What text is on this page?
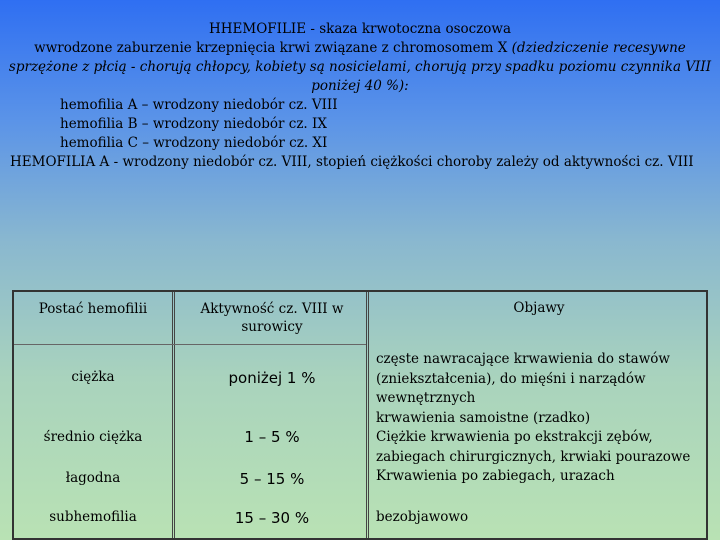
HHEMOFILIE - skaza krwotoczna osoczowa
wwrodzone zaburzenie krzepnięcia krwi związane z chromosomem X (dziedziczenie recesywne
sprzężone z płcią - chorują chłopcy, kobiety są nosicielami, chorują przy spadku poziomu czynnika VIII
poniżej 40 %):
hemofilia A – wrodzony niedobór cz. VIII
hemofilia B – wrodzony niedobór cz. IX
hemofilia C – wrodzony niedobór cz. XI
HEMOFILIA A - wrodzony niedobór cz. VIII, stopień ciężkości choroby zależy od aktywności cz. VIII
Postać hemofilii	Aktywność cz. VIII w surowicy
Objawy
ciężka
średnio ciężka
łagodna
subhemofilia
poniżej 1 %
1 – 5 %
5 – 15 %
15 – 30 %
częste nawracające krwawienia do stawów
(zniekształcenia), do mięśni i narządów
wewnętrznych
krwawienia samoistne (rzadko)
Ciężkie krwawienia po ekstrakcji zębów,
zabiegach chirurgicznych, krwiaki pourazowe
Krwawienia po zabiegach, urazach
bezobjawowo
